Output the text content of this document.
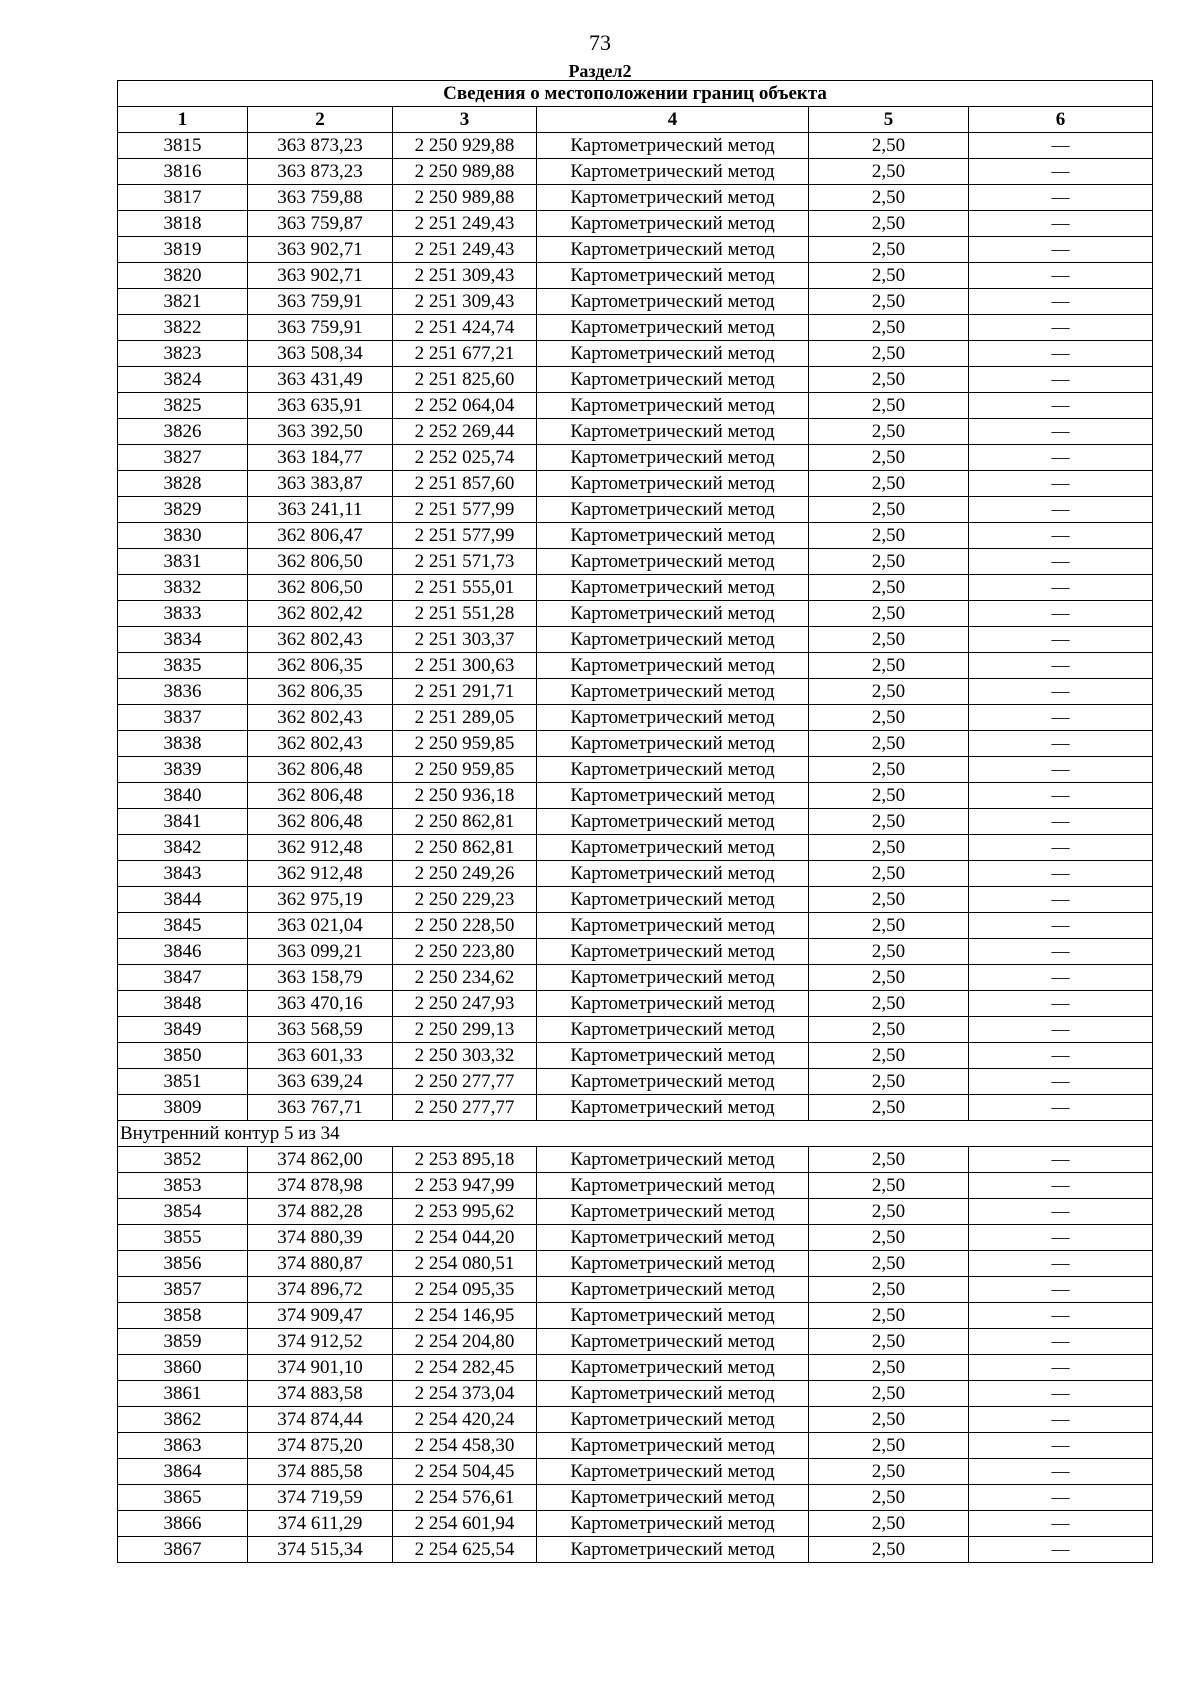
73
Раздел2
Сведения о местоположении границ объекта					
1	2	3	4	5	6
3815	363 873,23	2 250 929,88	Картометрический метод	2,50	—
3816	363 873,23	2 250 989,88	Картометрический метод	2,50	—
3817	363 759,88	2 250 989,88	Картометрический метод	2,50	—
3818	363 759,87	2 251 249,43	Картометрический метод	2,50	—
3819	363 902,71	2 251 249,43	Картометрический метод	2,50	—
3820	363 902,71	2 251 309,43	Картометрический метод	2,50	—
3821	363 759,91	2 251 309,43	Картометрический метод	2,50	—
3822	363 759,91	2 251 424,74	Картометрический метод	2,50	—
3823	363 508,34	2 251 677,21	Картометрический метод	2,50	—
3824	363 431,49	2 251 825,60	Картометрический метод	2,50	—
3825	363 635,91	2 252 064,04	Картометрический метод	2,50	—
3826	363 392,50	2 252 269,44	Картометрический метод	2,50	—
3827	363 184,77	2 252 025,74	Картометрический метод	2,50	—
3828	363 383,87	2 251 857,60	Картометрический метод	2,50	—
3829	363 241,11	2 251 577,99	Картометрический метод	2,50	—
3830	362 806,47	2 251 577,99	Картометрический метод	2,50	—
3831	362 806,50	2 251 571,73	Картометрический метод	2,50	—
3832	362 806,50	2 251 555,01	Картометрический метод	2,50	—
3833	362 802,42	2 251 551,28	Картометрический метод	2,50	—
3834	362 802,43	2 251 303,37	Картометрический метод	2,50	—
3835	362 806,35	2 251 300,63	Картометрический метод	2,50	—
3836	362 806,35	2 251 291,71	Картометрический метод	2,50	—
3837	362 802,43	2 251 289,05	Картометрический метод	2,50	—
3838	362 802,43	2 250 959,85	Картометрический метод	2,50	—
3839	362 806,48	2 250 959,85	Картометрический метод	2,50	—
3840	362 806,48	2 250 936,18	Картометрический метод	2,50	—
3841	362 806,48	2 250 862,81	Картометрический метод	2,50	—
3842	362 912,48	2 250 862,81	Картометрический метод	2,50	—
3843	362 912,48	2 250 249,26	Картометрический метод	2,50	—
3844	362 975,19	2 250 229,23	Картометрический метод	2,50	—
3845	363 021,04	2 250 228,50	Картометрический метод	2,50	—
3846	363 099,21	2 250 223,80	Картометрический метод	2,50	—
3847	363 158,79	2 250 234,62	Картометрический метод	2,50	—
3848	363 470,16	2 250 247,93	Картометрический метод	2,50	—
3849	363 568,59	2 250 299,13	Картометрический метод	2,50	—
3850	363 601,33	2 250 303,32	Картометрический метод	2,50	—
3851	363 639,24	2 250 277,77	Картометрический метод	2,50	—
3809	363 767,71	2 250 277,77	Картометрический метод	2,50	—
Внутренний контур 5 из 34					
3852	374 862,00	2 253 895,18	Картометрический метод	2,50	—
3853	374 878,98	2 253 947,99	Картометрический метод	2,50	—
3854	374 882,28	2 253 995,62	Картометрический метод	2,50	—
3855	374 880,39	2 254 044,20	Картометрический метод	2,50	—
3856	374 880,87	2 254 080,51	Картометрический метод	2,50	—
3857	374 896,72	2 254 095,35	Картометрический метод	2,50	—
3858	374 909,47	2 254 146,95	Картометрический метод	2,50	—
3859	374 912,52	2 254 204,80	Картометрический метод	2,50	—
3860	374 901,10	2 254 282,45	Картометрический метод	2,50	—
3861	374 883,58	2 254 373,04	Картометрический метод	2,50	—
3862	374 874,44	2 254 420,24	Картометрический метод	2,50	—
3863	374 875,20	2 254 458,30	Картометрический метод	2,50	—
3864	374 885,58	2 254 504,45	Картометрический метод	2,50	—
3865	374 719,59	2 254 576,61	Картометрический метод	2,50	—
3866	374 611,29	2 254 601,94	Картометрический метод	2,50	—
3867	374 515,34	2 254 625,54	Картометрический метод	2,50	—
